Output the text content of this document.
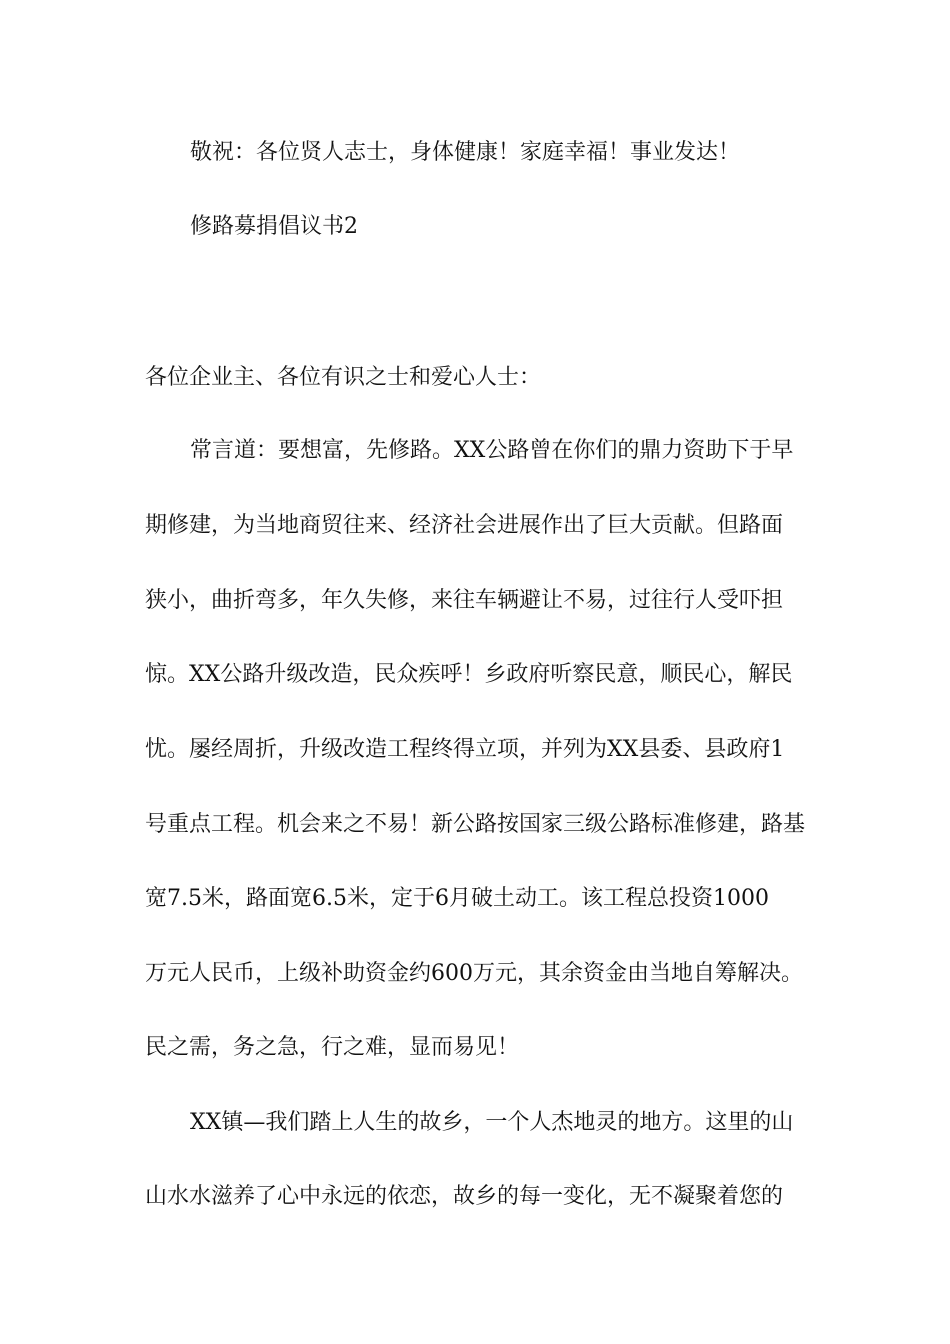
敬祝：各位贤人志士，身体健康！家庭幸福！事业发达！
修路募捐倡议书2
各位企业主、各位有识之士和爱心人士：
常言道：要想富，先修路。XX公路曾在你们的鼎力资助下于早
期修建，为当地商贸往来、经济社会进展作出了巨大贡献。但路面
狭小，曲折弯多，年久失修，来往车辆避让不易，过往行人受吓担
惊。XX公路升级改造，民众疾呼！乡政府听察民意，顺民心，解民
忧。屡经周折，升级改造工程终得立项，并列为XX县委、县政府1
号重点工程。机会来之不易！新公路按国家三级公路标准修建，路基
宽7.5米，路面宽6.5米，定于6月破土动工。该工程总投资1000
万元人民币，上级补助资金约600万元，其余资金由当地自筹解决。
民之需，务之急，行之难，显而易见！
XX镇—我们踏上人生的故乡，一个人杰地灵的地方。这里的山
山水水滋养了心中永远的依恋，故乡的每一变化，无不凝聚着您的
